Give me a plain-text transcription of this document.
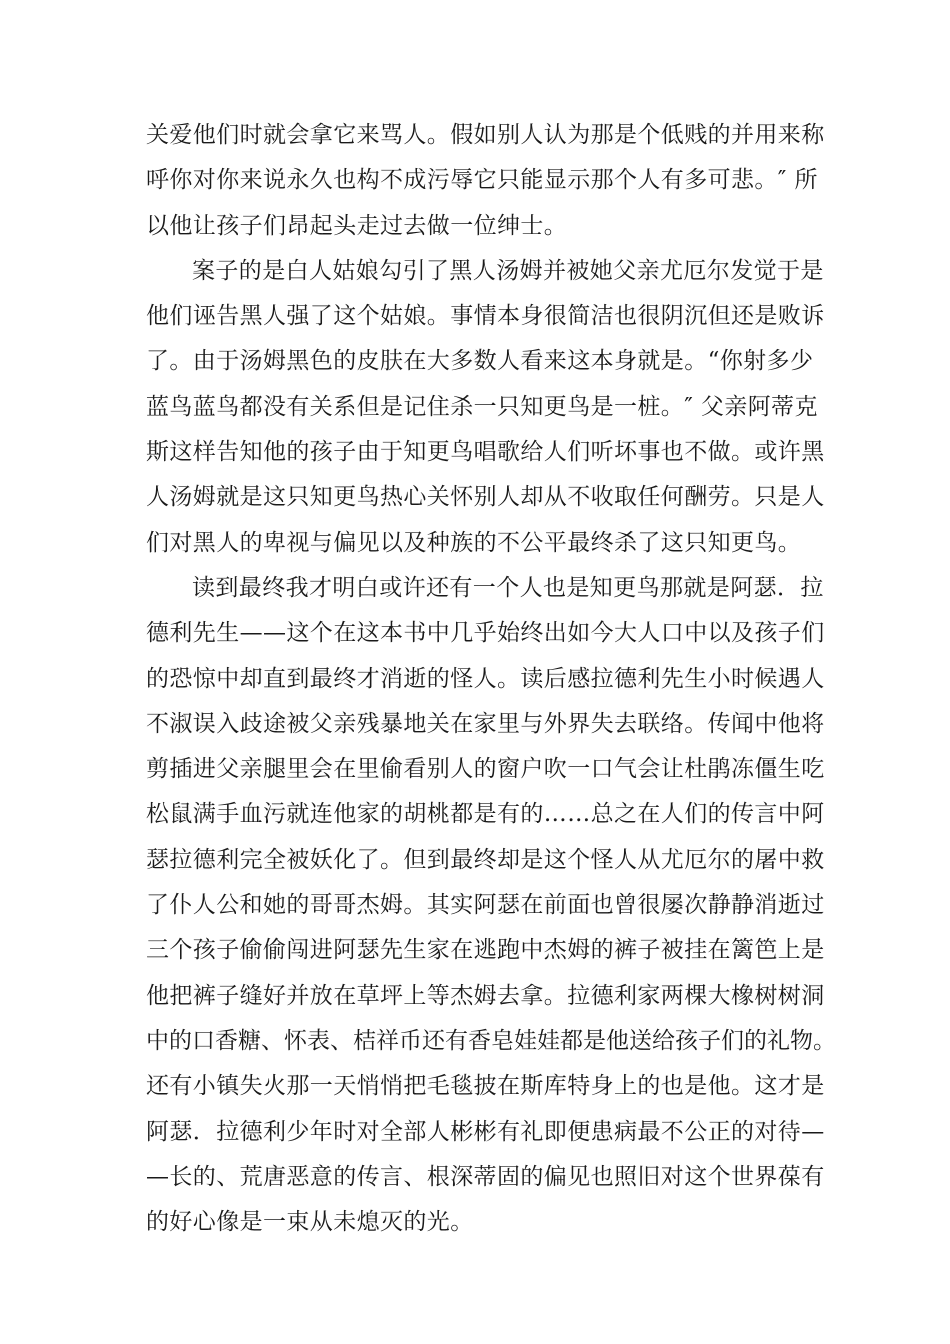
关爱他们时就会拿它来骂人。假如别人认为那是个低贱的并用来称
呼你对你来说永久也构不成污辱它只能显示那个人有多可悲。″ 所
以他让孩子们昂起头走过去做一位绅士。
案子的是白人姑娘勾引了黑人汤姆并被她父亲尤厄尔发觉于是
他们诬告黑人强了这个姑娘。事情本身很简洁也很阴沉但还是败诉
了。由于汤姆黑色的皮肤在大多数人看来这本身就是。“你射多少
蓝鸟蓝鸟都没有关系但是记住杀一只知更鸟是一桩。″ 父亲阿蒂克
斯这样告知他的孩子由于知更鸟唱歌给人们听坏事也不做。或许黑
人汤姆就是这只知更鸟热心关怀别人却从不收取任何酬劳。只是人
们对黑人的卑视与偏见以及种族的不公平最终杀了这只知更鸟。
读到最终我才明白或许还有一个人也是知更鸟那就是阿瑟．拉
德利先生——这个在这本书中几乎始终出如今大人口中以及孩子们
的恐惊中却直到最终才消逝的怪人。读后感拉德利先生小时候遇人
不淑误入歧途被父亲残暴地关在家里与外界失去联络。传闻中他将
剪插进父亲腿里会在里偷看别人的窗户吹一口气会让杜鹃冻僵生吃
松鼠满手血污就连他家的胡桃都是有的……总之在人们的传言中阿
瑟拉德利完全被妖化了。但到最终却是这个怪人从尤厄尔的屠中救
了仆人公和她的哥哥杰姆。其实阿瑟在前面也曾很屡次静静消逝过
三个孩子偷偷闯进阿瑟先生家在逃跑中杰姆的裤子被挂在篱笆上是
他把裤子缝好并放在草坪上等杰姆去拿。拉德利家两棵大橡树树洞
中的口香糖、怀表、桔祥币还有香皂娃娃都是他送给孩子们的礼物。
还有小镇失火那一天悄悄把毛毯披在斯库特身上的也是他。这才是
阿瑟．拉德利少年时对全部人彬彬有礼即便患病最不公正的对待—
—长的、荒唐恶意的传言、根深蒂固的偏见也照旧对这个世界葆有
的好心像是一束从未熄灭的光。
